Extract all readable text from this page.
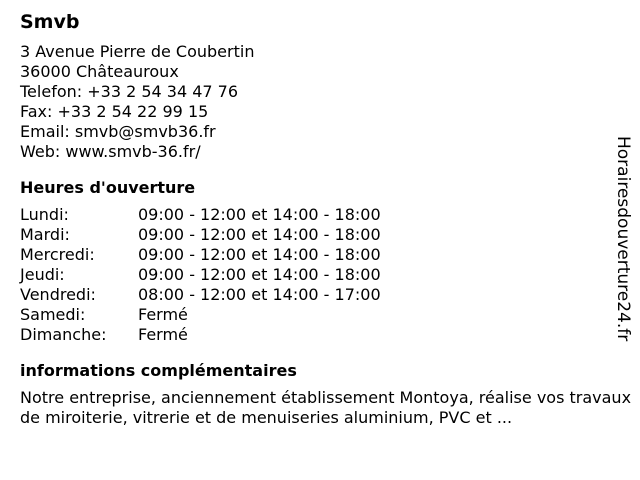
Smvb
3 Avenue Pierre de Coubertin
36000 Châteauroux
Telefon: +33 2 54 34 47 76
Fax: +33 2 54 22 99 15
Email: smvb@smvb36.fr
Web: www.smvb-36.fr/
Heures d'ouverture
Lundi:	09:00 - 12:00 et 14:00 - 18:00
Mardi:	09:00 - 12:00 et 14:00 - 18:00
Mercredi:	09:00 - 12:00 et 14:00 - 18:00
Jeudi:	09:00 - 12:00 et 14:00 - 18:00
Vendredi:	08:00 - 12:00 et 14:00 - 17:00
Samedi:	Fermé
Dimanche:	Fermé
informations complémentaires
Notre entreprise, anciennement établissement Montoya, réalise vos travaux de miroiterie, vitrerie et de menuiseries aluminium, PVC et ...
Horairesdouverture24.fr
